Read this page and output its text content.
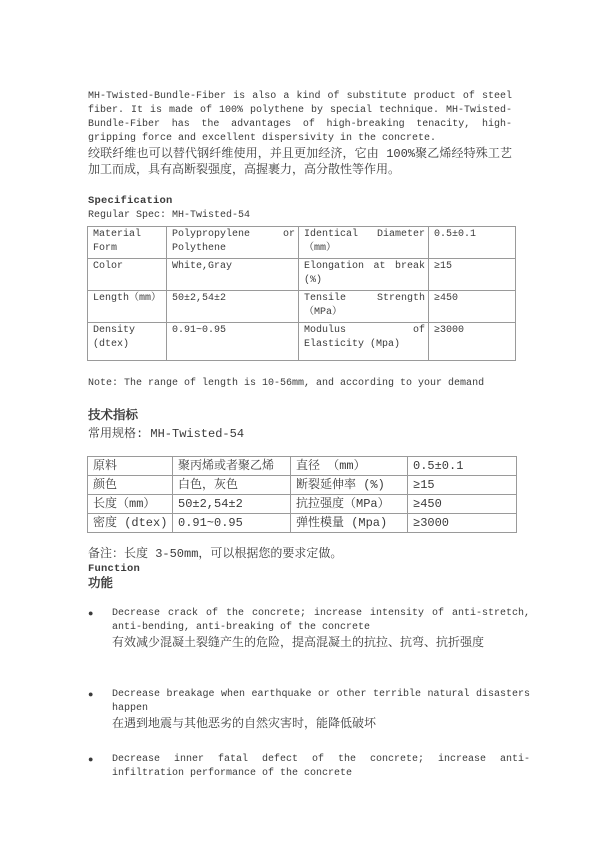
MH-Twisted-Bundle-Fiber is also a kind of substitute product of steel fiber. It is made of 100% polythene by special technique. MH-Twisted-Bundle-Fiber has the advantages of high-breaking tenacity, high-gripping force and excellent dispersivity in the concrete.
绞联纤维也可以替代钢纤维使用，并且更加经济，它由 100%聚乙烯经特殊工艺加工而成，具有高断裂强度，高握裹力，高分散性等作用。
Specification
Regular Spec: MH-Twisted-54
Material Form	Polypropylene or Polythene	Identical Diameter （mm）	0.5±0.1
Color	White,Gray	Elongation at break (%)	≥15
Length（mm）	50±2,54±2	Tensile Strength （MPa）	≥450
Density (dtex)	0.91~0.95	Modulus of Elasticity (Mpa)	≥3000
Note: The range of length is 10-56mm, and according to your demand
技术指标
常用规格: MH-Twisted-54
原料	聚丙烯或者聚乙烯	直径 （mm）	0.5±0.1
颜色	白色，灰色	断裂延伸率 (%)	≥15
长度（mm）	50±2,54±2	抗拉强度（MPa）	≥450
密度 (dtex)	0.91~0.95	弹性模量 (Mpa)	≥3000
备注：长度 3-50mm，可以根据您的要求定做。
Function
功能
●	Decrease crack of the concrete; increase intensity of anti-stretch, anti-bending, anti-breaking of the concrete
有效减少混凝土裂缝产生的危险，提高混凝土的抗拉、抗弯、抗折强度
●	Decrease breakage when earthquake or other terrible natural disasters happen
在遇到地震与其他恶劣的自然灾害时，能降低破坏
●	Decrease inner fatal defect of the concrete; increase anti-infiltration performance of the concrete
